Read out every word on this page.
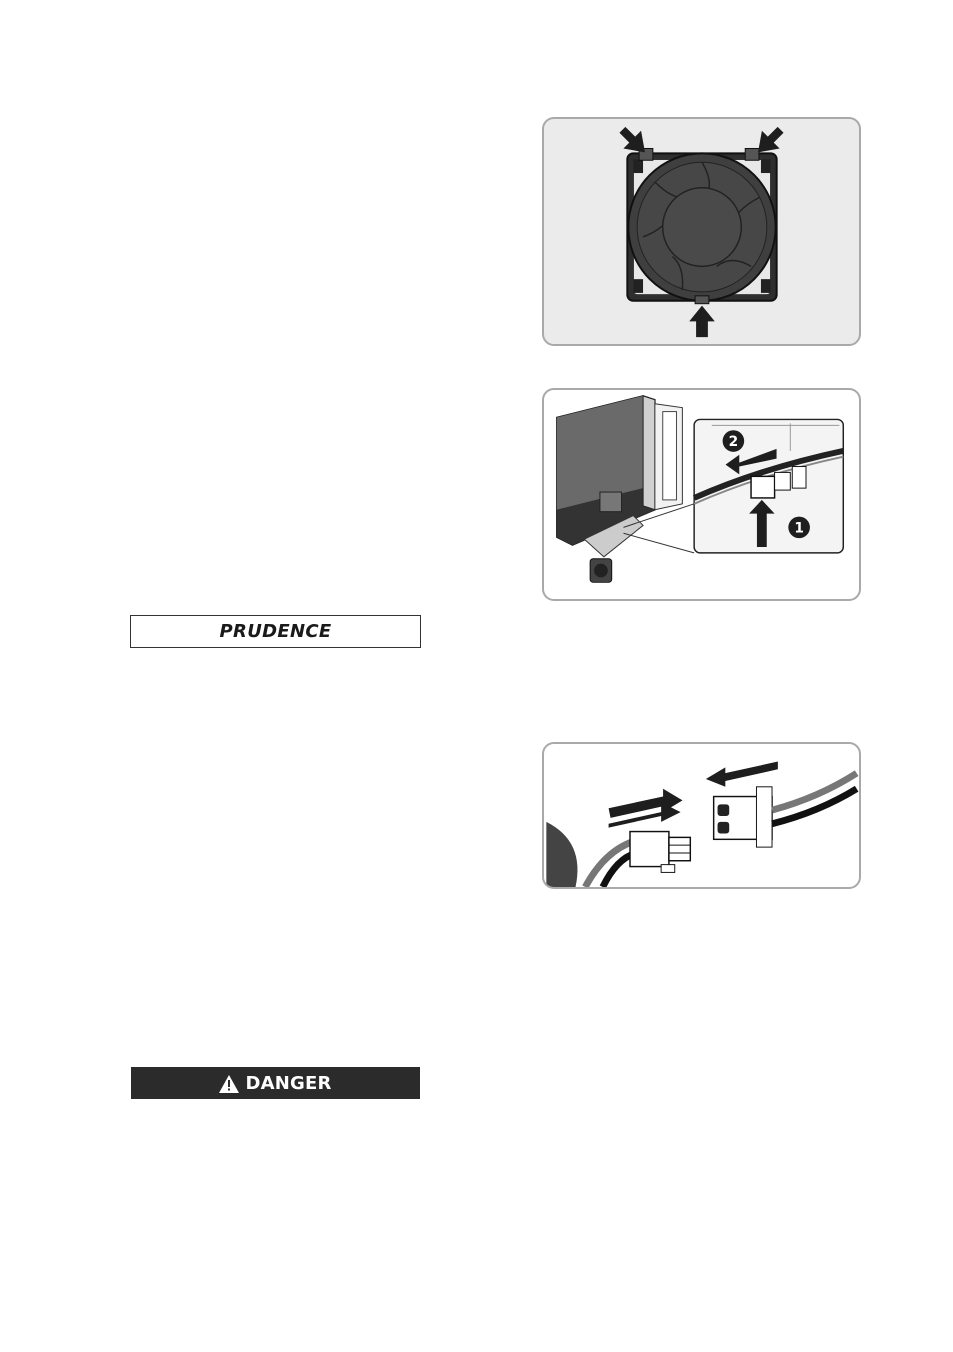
2
1
PRUDENCE
DANGER
